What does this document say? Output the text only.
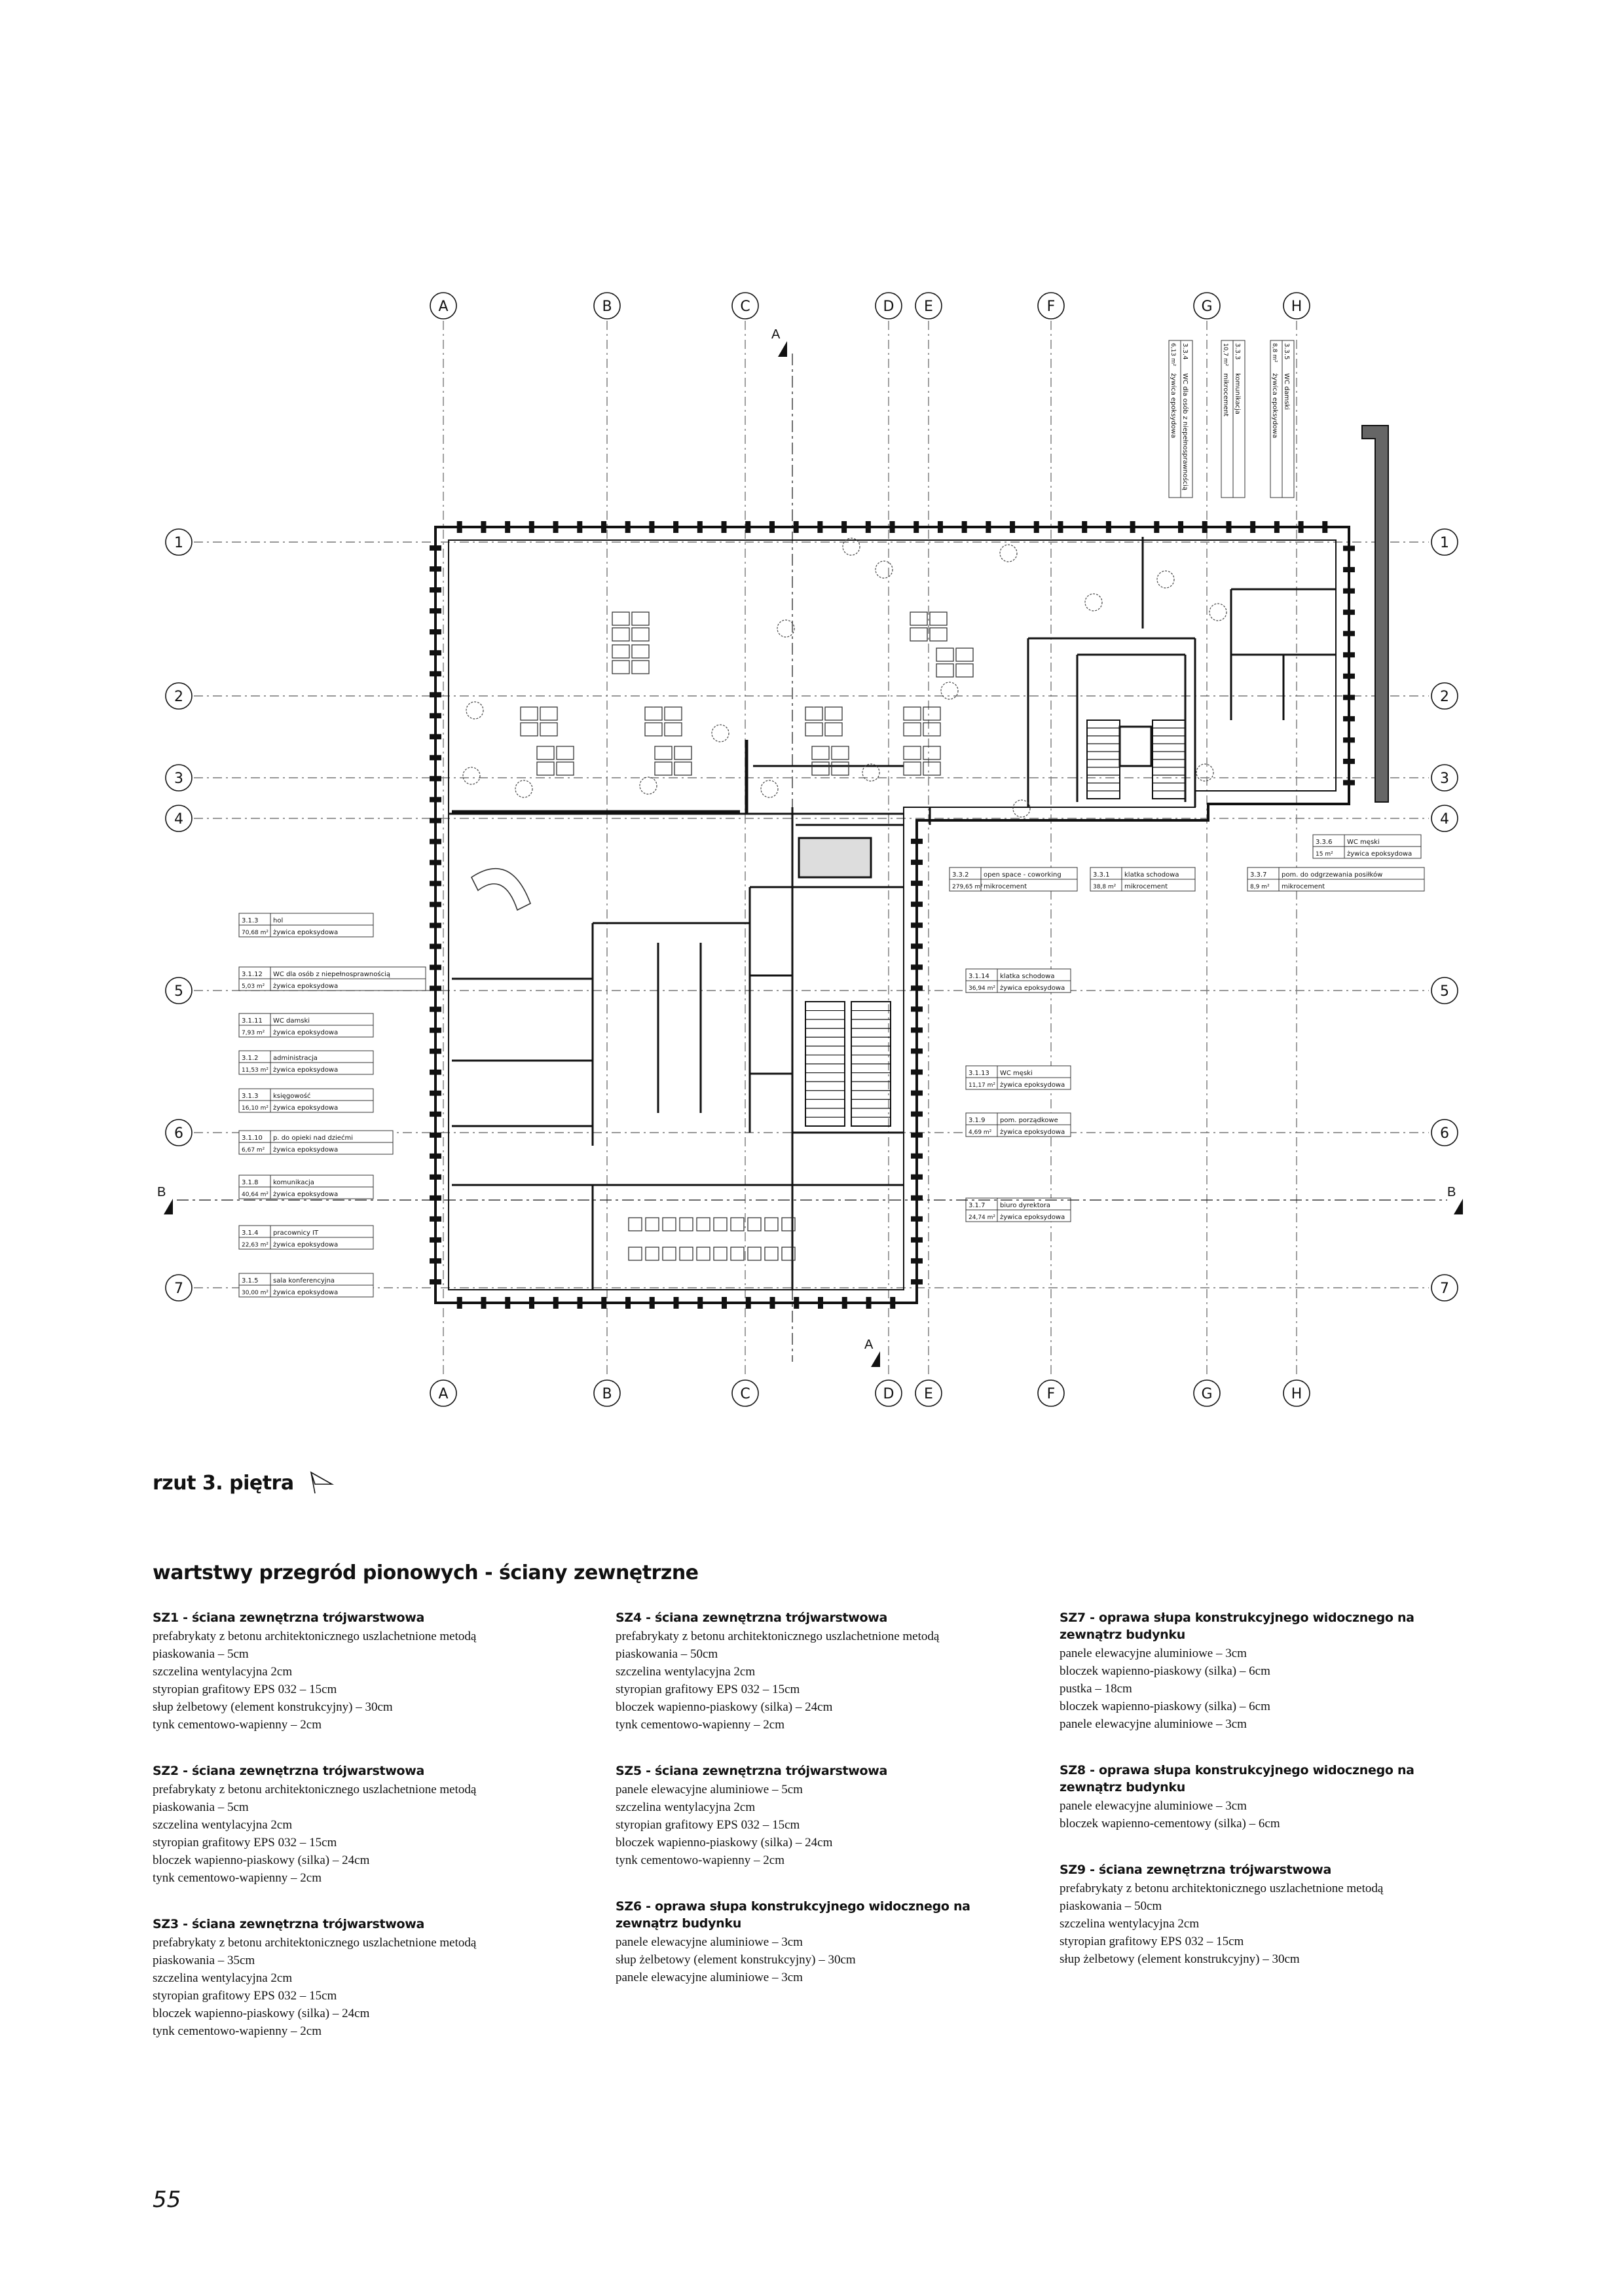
A
A
B
B
C
C
D
D
E
E
F
F
G
G
H
H
1	1
2	2
3	3
4	4
5	5
6	6
7	7
3.1.3 hol
70,68 m² żywica epoksydowa
3.1.12 WC dla osób z niepełnosprawnością
5,03 m² żywica epoksydowa
3.1.11 WC damski
7,93 m² żywica epoksydowa
3.1.2 administracja
11,53 m² żywica epoksydowa
3.1.3 księgowość
16,10 m² żywica epoksydowa
3.1.10 p. do opieki nad dziećmi
6,67 m² żywica epoksydowa
3.1.8 komunikacja
40,64 m² żywica epoksydowa
3.1.4 pracownicy IT
22,63 m² żywica epoksydowa
3.1.5 sala konferencyjna
30,00 m² żywica epoksydowa
3.1.14 klatka schodowa
36,94 m² żywica epoksydowa
3.1.13 WC męski
11,17 m² żywica epoksydowa
3.1.9 pom. porządkowe
4,69 m² żywica epoksydowa
3.1.7 biuro dyrektora
24,74 m² żywica epoksydowa
3.3.2 open space - coworking
279,65 m² mikrocement
3.3.1 klatka schodowa
38,8 m² mikrocement
3.3.7 pom. do odgrzewania posiłków
8,9 m² mikrocement
3.3.6 WC męski
15 m² żywica epoksydowa
3.3.4
WC dla osób z niepełnosprawnością
6,13 m²
żywica epoksydowa
3.3.3
komunikacja
10,7 m²
mikrocement
3.3.5
WC damski
8,8 m²
żywica epoksydowa
A
A
B	B
rzut 3. piętra
wartstwy przegród pionowych - ściany zewnętrzne
SZ1 - ściana zewnętrzna trójwarstwowa
prefabrykaty z betonu architektonicznego uszlachetnione metodą piaskowania – 5cm
szczelina wentylacyjna 2cm
styropian grafitowy EPS 032 – 15cm
słup żelbetowy (element konstrukcyjny) – 30cm
tynk cementowo-wapienny – 2cm
SZ2 - ściana zewnętrzna trójwarstwowa
prefabrykaty z betonu architektonicznego uszlachetnione metodą piaskowania – 5cm
szczelina wentylacyjna 2cm
styropian grafitowy EPS 032 – 15cm
bloczek wapienno-piaskowy (silka) – 24cm
tynk cementowo-wapienny – 2cm
SZ3 - ściana zewnętrzna trójwarstwowa
prefabrykaty z betonu architektonicznego uszlachetnione metodą piaskowania – 35cm
szczelina wentylacyjna 2cm
styropian grafitowy EPS 032 – 15cm
bloczek wapienno-piaskowy (silka) – 24cm
tynk cementowo-wapienny – 2cm
SZ4 - ściana zewnętrzna trójwarstwowa
prefabrykaty z betonu architektonicznego uszlachetnione metodą piaskowania – 50cm
szczelina wentylacyjna 2cm
styropian grafitowy EPS 032 – 15cm
bloczek wapienno-piaskowy (silka) – 24cm
tynk cementowo-wapienny – 2cm
SZ5 - ściana zewnętrzna trójwarstwowa
panele elewacyjne aluminiowe – 5cm
szczelina wentylacyjna 2cm
styropian grafitowy EPS 032 – 15cm
bloczek wapienno-piaskowy (silka) – 24cm
tynk cementowo-wapienny – 2cm
SZ6 - oprawa słupa konstrukcyjnego widocznego na zewnątrz budynku
panele elewacyjne aluminiowe – 3cm
słup żelbetowy (element konstrukcyjny) – 30cm
panele elewacyjne aluminiowe – 3cm
SZ7 - oprawa słupa konstrukcyjnego widocznego na zewnątrz budynku
panele elewacyjne aluminiowe – 3cm
bloczek wapienno-piaskowy (silka) – 6cm
pustka – 18cm
bloczek wapienno-piaskowy (silka) – 6cm
panele elewacyjne aluminiowe – 3cm
SZ8 - oprawa słupa konstrukcyjnego widocznego na zewnątrz budynku
panele elewacyjne aluminiowe – 3cm
bloczek wapienno-cementowy (silka) – 6cm
SZ9 - ściana zewnętrzna trójwarstwowa
prefabrykaty z betonu architektonicznego uszlachetnione metodą piaskowania – 50cm
szczelina wentylacyjna 2cm
styropian grafitowy EPS 032 – 15cm
słup żelbetowy (element konstrukcyjny) – 30cm
55
